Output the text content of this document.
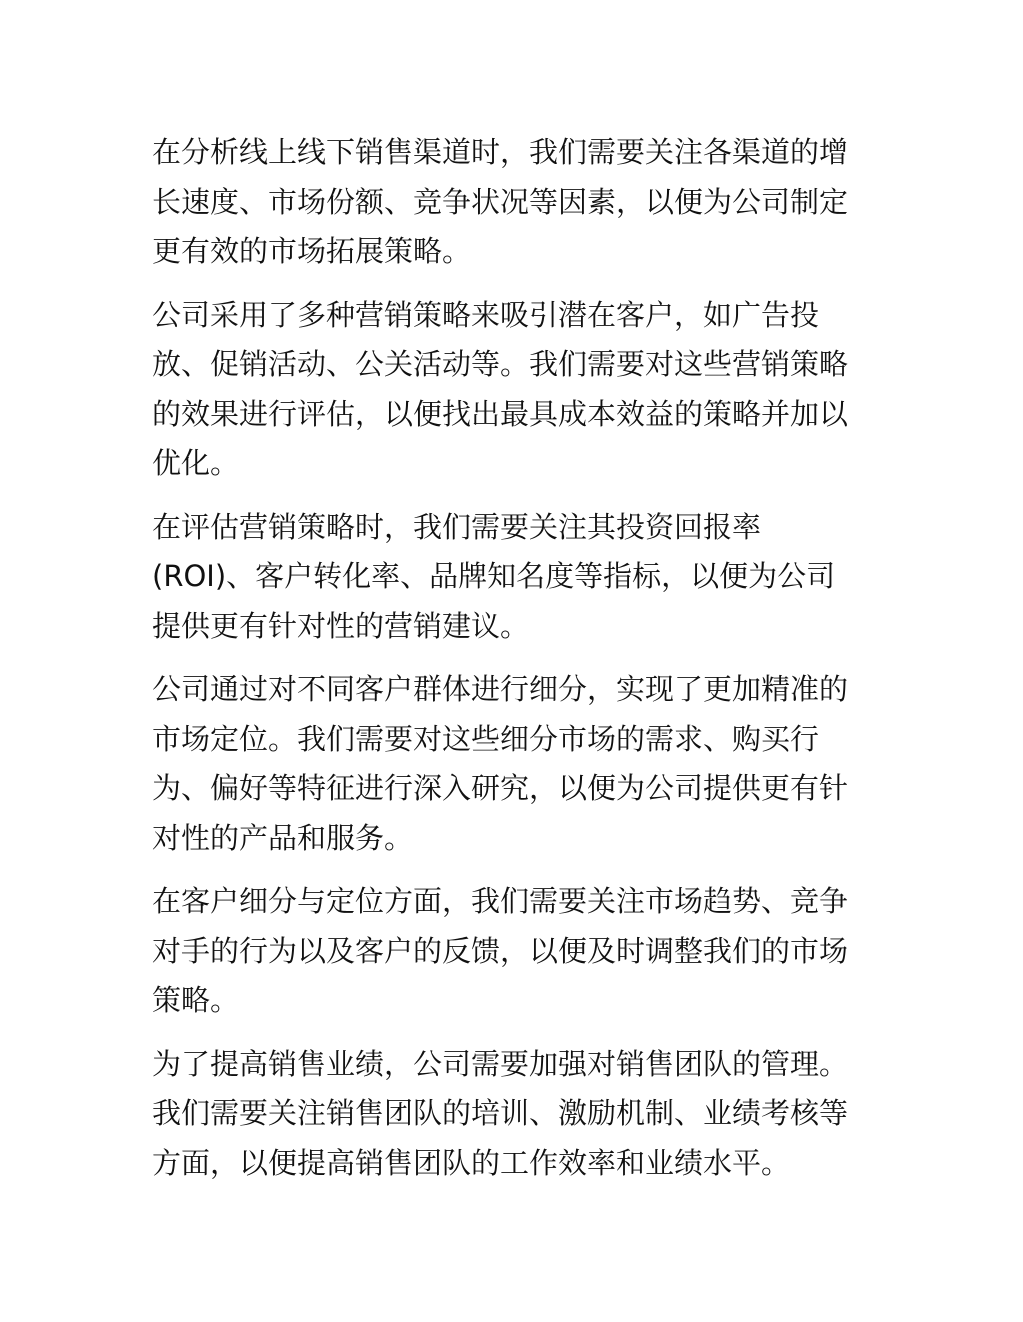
在分析线上线下销售渠道时，我们需要关注各渠道的增
长速度、市场份额、竞争状况等因素，以便为公司制定
更有效的市场拓展策略。

公司采用了多种营销策略来吸引潜在客户，如广告投
放、促销活动、公关活动等。我们需要对这些营销策略
的效果进行评估，以便找出最具成本效益的策略并加以
优化。

在评估营销策略时，我们需要关注其投资回报率
(ROI)、客户转化率、品牌知名度等指标，以便为公司
提供更有针对性的营销建议。

公司通过对不同客户群体进行细分，实现了更加精准的
市场定位。我们需要对这些细分市场的需求、购买行
为、偏好等特征进行深入研究，以便为公司提供更有针
对性的产品和服务。

在客户细分与定位方面，我们需要关注市场趋势、竞争
对手的行为以及客户的反馈，以便及时调整我们的市场
策略。

为了提高销售业绩，公司需要加强对销售团队的管理。
我们需要关注销售团队的培训、激励机制、业绩考核等
方面，以便提高销售团队的工作效率和业绩水平。
